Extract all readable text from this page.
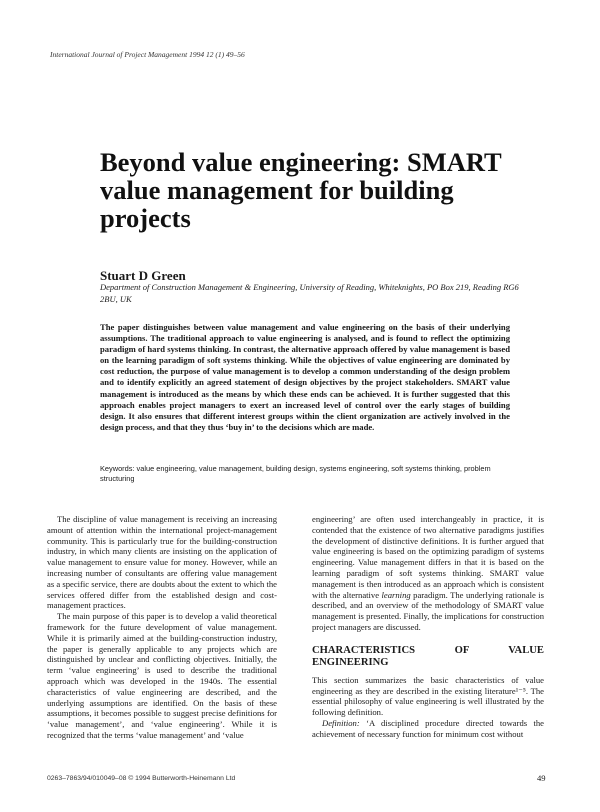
International Journal of Project Management 1994 12 (1) 49–56
Beyond value engineering: SMART value management for building projects
Stuart D Green
Department of Construction Management & Engineering, University of Reading, Whiteknights, PO Box 219, Reading RG6 2BU, UK
The paper distinguishes between value management and value engineering on the basis of their underlying assumptions. The traditional approach to value engineering is analysed, and is found to reflect the optimizing paradigm of hard systems thinking. In contrast, the alternative approach offered by value management is based on the learning paradigm of soft systems thinking. While the objectives of value engineering are dominated by cost reduction, the purpose of value management is to develop a common understanding of the design problem and to identify explicitly an agreed statement of design objectives by the project stakeholders. SMART value management is introduced as the means by which these ends can be achieved. It is further suggested that this approach enables project managers to exert an increased level of control over the early stages of building design. It also ensures that different interest groups within the client organization are actively involved in the design process, and that they thus ‘buy in’ to the decisions which are made.
Keywords: value engineering, value management, building design, systems engineering, soft systems thinking, problem structuring

The discipline of value management is receiving an increasing amount of attention within the international project-management community. This is particularly true for the building-construction industry, in which many clients are insisting on the application of value management to ensure value for money. However, while an increasing number of consultants are offering value management as a specific service, there are doubts about the extent to which the services offered differ from the established design and cost-management practices.

The main purpose of this paper is to develop a valid theoretical framework for the future development of value management. While it is primarily aimed at the building-construction industry, the paper is generally applicable to any projects which are distinguished by unclear and conflicting objectives. Initially, the term ‘value engineering’ is used to describe the traditional approach which was developed in the 1940s. The essential characteristics of value engineering are described, and the underlying assumptions are identified. On the basis of these assumptions, it becomes possible to suggest precise definitions for ‘value management’, and ‘value engineering’. While it is recognized that the terms ‘value management’ and ‘value

engineering’ are often used interchangeably in practice, it is contended that the existence of two alternative paradigms justifies the development of distinctive definitions. It is further argued that value engineering is based on the optimizing paradigm of systems engineering. Value management differs in that it is based on the learning paradigm of soft systems thinking. SMART value management is then introduced as an approach which is consistent with the alternative learning paradigm. The underlying rationale is described, and an overview of the methodology of SMART value management is presented. Finally, the implications for construction project managers are discussed.

CHARACTERISTICS OF VALUE ENGINEERING

This section summarizes the basic characteristics of value engineering as they are described in the existing literature¹⁻⁵. The essential philosophy of value engineering is well illustrated by the following definition.

Definition: ‘A disciplined procedure directed towards the achievement of necessary function for minimum cost without

0263–7863/94/010049–08 © 1994 Butterworth-Heinemann Ltd	49
